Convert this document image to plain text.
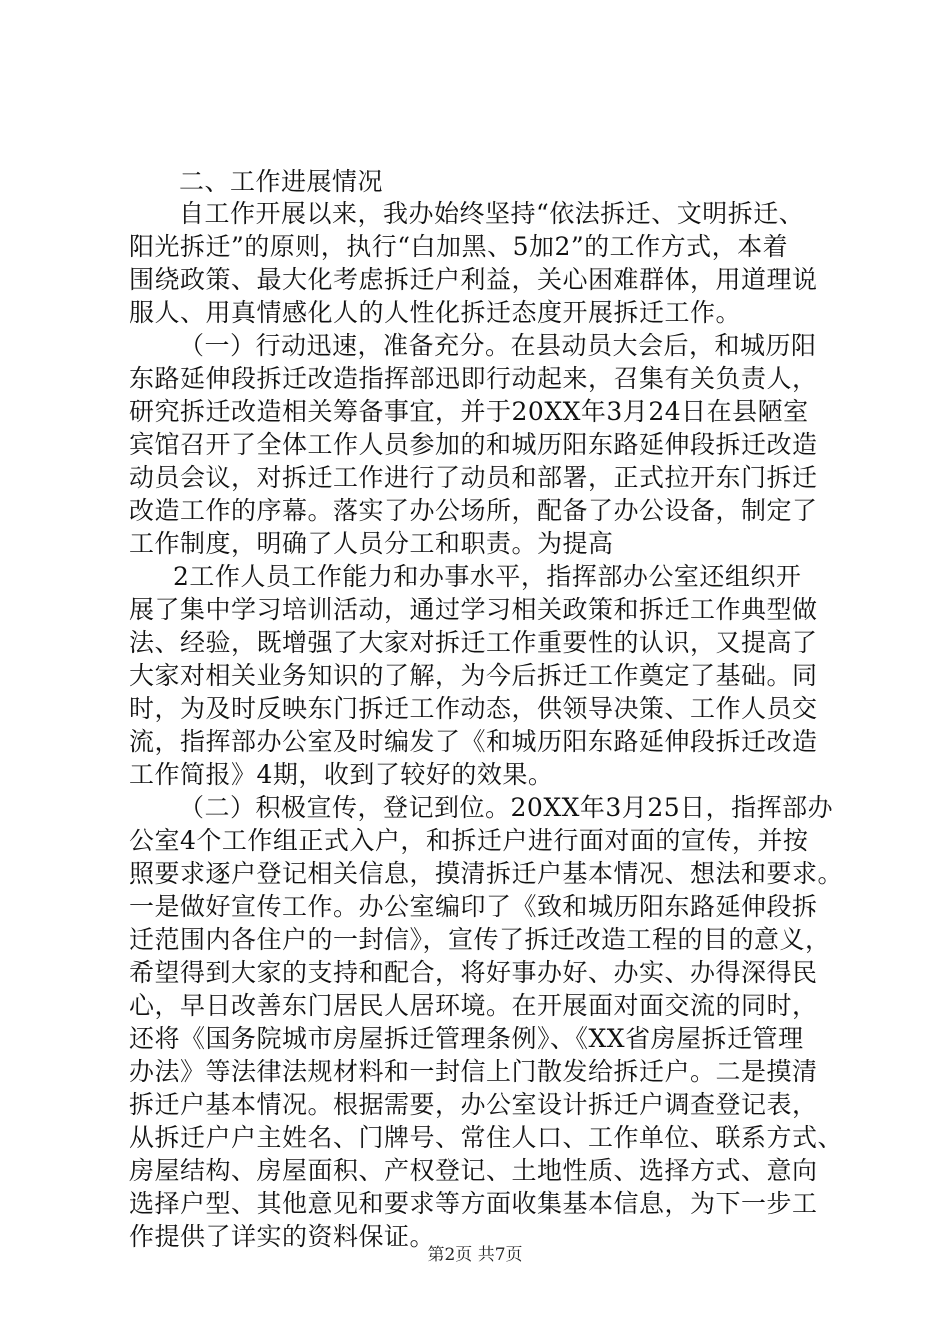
二、工作进展情况
自工作开展以来，我办始终坚持“依法拆迁、文明拆迁、
阳光拆迁”的原则，执行“白加黑、5加2”的工作方式，本着
围绕政策、最大化考虑拆迁户利益，关心困难群体，用道理说
服人、用真情感化人的人性化拆迁态度开展拆迁工作。
（一）行动迅速，准备充分。在县动员大会后，和城历阳
东路延伸段拆迁改造指挥部迅即行动起来，召集有关负责人，
研究拆迁改造相关筹备事宜，并于20XX年3月24日在县陋室
宾馆召开了全体工作人员参加的和城历阳东路延伸段拆迁改造
动员会议，对拆迁工作进行了动员和部署，正式拉开东门拆迁
改造工作的序幕。落实了办公场所，配备了办公设备，制定了
工作制度，明确了人员分工和职责。为提高
2工作人员工作能力和办事水平，指挥部办公室还组织开
展了集中学习培训活动，通过学习相关政策和拆迁工作典型做
法、经验，既增强了大家对拆迁工作重要性的认识，又提高了
大家对相关业务知识的了解，为今后拆迁工作奠定了基础。同
时，为及时反映东门拆迁工作动态，供领导决策、工作人员交
流，指挥部办公室及时编发了《和城历阳东路延伸段拆迁改造
工作简报》4期，收到了较好的效果。
（二）积极宣传，登记到位。20XX年3月25日，指挥部办
公室4个工作组正式入户，和拆迁户进行面对面的宣传，并按
照要求逐户登记相关信息，摸清拆迁户基本情况、想法和要求。
一是做好宣传工作。办公室编印了《致和城历阳东路延伸段拆
迁范围内各住户的一封信》，宣传了拆迁改造工程的目的意义，
希望得到大家的支持和配合，将好事办好、办实、办得深得民
心，早日改善东门居民人居环境。在开展面对面交流的同时，
还将《国务院城市房屋拆迁管理条例》、《XX省房屋拆迁管理
办法》等法律法规材料和一封信上门散发给拆迁户。二是摸清
拆迁户基本情况。根据需要，办公室设计拆迁户调查登记表，
从拆迁户户主姓名、门牌号、常住人口、工作单位、联系方式、
房屋结构、房屋面积、产权登记、土地性质、选择方式、意向
选择户型、其他意见和要求等方面收集基本信息，为下一步工
作提供了详实的资料保证。
第2页 共7页
